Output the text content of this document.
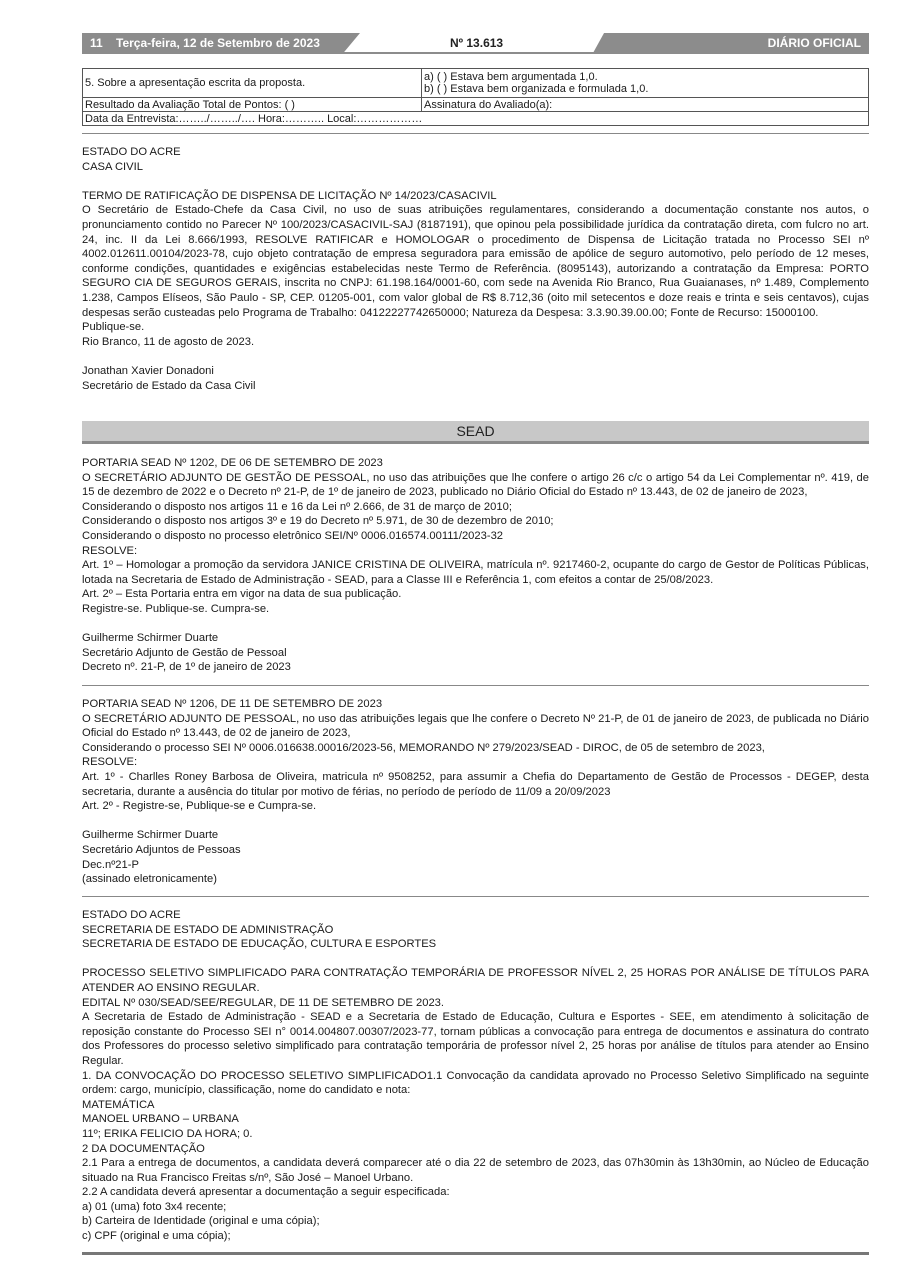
11 Terça-feira, 12 de Setembro de 2023	Nº 13.613	DIÁRIO OFICIAL
5. Sobre a apresentação escrita da proposta.	a) ( ) Estava bem argumentada 1,0.
b) ( ) Estava bem organizada e formulada 1,0.

Resultado da Avaliação Total de Pontos: ( )	Assinatura do Avaliado(a):
Data da Entrevista:……../……../…. Hora:……….. Local:………………	

ESTADO DO ACRE

CASA CIVIL

TERMO DE RATIFICAÇÃO DE DISPENSA DE LICITAÇÃO Nº 14/2023/CASACIVIL

O Secretário de Estado-Chefe da Casa Civil, no uso de suas atribuições regulamentares, considerando a documentação constante nos autos, o pronunciamento contido no Parecer Nº 100/2023/CASACIVIL-SAJ (8187191), que opinou pela possibilidade jurídica da contratação direta, com fulcro no art. 24, inc. II da Lei 8.666/1993, RESOLVE RATIFICAR e HOMOLOGAR o procedimento de Dispensa de Licitação tratada no Processo SEI nº 4002.012611.00104/2023-78, cujo objeto contratação de empresa seguradora para emissão de apólice de seguro automotivo, pelo período de 12 meses, conforme condições, quantidades e exigências estabelecidas neste Termo de Referência. (8095143), autorizando a contratação da Empresa: PORTO SEGURO CIA DE SEGUROS GERAIS, inscrita no CNPJ: 61.198.164/0001-60, com sede na Avenida Rio Branco, Rua Guaianases, nº 1.489, Complemento 1.238, Campos Elíseos, São Paulo - SP, CEP. 01205-001, com valor global de R$ 8.712,36 (oito mil setecentos e doze reais e trinta e seis centavos), cujas despesas serão custeadas pelo Programa de Trabalho: 04122227742650000; Natureza da Despesa: 3.3.90.39.00.00; Fonte de Recurso: 15000100.

Publique-se.

Rio Branco, 11 de agosto de 2023.

Jonathan Xavier Donadoni

Secretário de Estado da Casa Civil

SEAD

PORTARIA SEAD Nº 1202, DE 06 DE SETEMBRO DE 2023

O SECRETÁRIO ADJUNTO DE GESTÃO DE PESSOAL, no uso das atribuições que lhe confere o artigo 26 c/c o artigo 54 da Lei Complementar nº. 419, de 15 de dezembro de 2022 e o Decreto nº 21-P, de 1º de janeiro de 2023, publicado no Diário Oficial do Estado nº 13.443, de 02 de janeiro de 2023,

Considerando o disposto nos artigos 11 e 16 da Lei nº 2.666, de 31 de março de 2010;

Considerando o disposto nos artigos 3º e 19 do Decreto nº 5.971, de 30 de dezembro de 2010;

Considerando o disposto no processo eletrônico SEI/Nº 0006.016574.00111/2023-32

RESOLVE:

Art. 1º – Homologar a promoção da servidora JANICE CRISTINA DE OLIVEIRA, matrícula nº. 9217460-2, ocupante do cargo de Gestor de Políticas Públicas, lotada na Secretaria de Estado de Administração - SEAD, para a Classe III e Referência 1, com efeitos a contar de 25/08/2023.

Art. 2º – Esta Portaria entra em vigor na data de sua publicação.

Registre-se. Publique-se. Cumpra-se.

Guilherme Schirmer Duarte

Secretário Adjunto de Gestão de Pessoal

Decreto nº. 21-P, de 1º de janeiro de 2023

PORTARIA SEAD Nº 1206, DE 11 DE SETEMBRO DE 2023

O SECRETÁRIO ADJUNTO DE PESSOAL, no uso das atribuições legais que lhe confere o Decreto Nº 21-P, de 01 de janeiro de 2023, de publicada no Diário Oficial do Estado nº 13.443, de 02 de janeiro de 2023,

Considerando o processo SEI Nº 0006.016638.00016/2023-56, MEMORANDO Nº 279/2023/SEAD - DIROC, de 05 de setembro de 2023,

RESOLVE:

Art. 1º - Charlles Roney Barbosa de Oliveira, matricula nº 9508252, para assumir a Chefia do Departamento de Gestão de Processos - DEGEP, desta secretaria, durante a ausência do titular por motivo de férias, no período de período de 11/09 a 20/09/2023

Art. 2º - Registre-se, Publique-se e Cumpra-se.

Guilherme Schirmer Duarte

Secretário Adjuntos de Pessoas

Dec.nº21-P

(assinado eletronicamente)

ESTADO DO ACRE

SECRETARIA DE ESTADO DE ADMINISTRAÇÃO

SECRETARIA DE ESTADO DE EDUCAÇÃO, CULTURA E ESPORTES

PROCESSO SELETIVO SIMPLIFICADO PARA CONTRATAÇÃO TEMPORÁRIA DE PROFESSOR NÍVEL 2, 25 HORAS POR ANÁLISE DE TÍTULOS PARA ATENDER AO ENSINO REGULAR.

EDITAL Nº 030/SEAD/SEE/REGULAR, DE 11 DE SETEMBRO DE 2023.

A Secretaria de Estado de Administração - SEAD e a Secretaria de Estado de Educação, Cultura e Esportes - SEE, em atendimento à solicitação de reposição constante do Processo SEI n° 0014.004807.00307/2023-77, tornam públicas a convocação para entrega de documentos e assinatura do contrato dos Professores do processo seletivo simplificado para contratação temporária de professor nível 2, 25 horas por análise de títulos para atender ao Ensino Regular.

1. DA CONVOCAÇÃO DO PROCESSO SELETIVO SIMPLIFICADO1.1 Convocação da candidata aprovado no Processo Seletivo Simplificado na seguinte ordem: cargo, município, classificação, nome do candidato e nota:

MATEMÁTICA

MANOEL URBANO – URBANA

11º; ERIKA FELICIO DA HORA; 0.

2 DA DOCUMENTAÇÃO

2.1 Para a entrega de documentos, a candidata deverá comparecer até o dia 22 de setembro de 2023, das 07h30min às 13h30min, ao Núcleo de Educação situado na Rua Francisco Freitas s/nº, São José – Manoel Urbano.

2.2 A candidata deverá apresentar a documentação a seguir especificada:

a) 01 (uma) foto 3x4 recente;

b) Carteira de Identidade (original e uma cópia);

c) CPF (original e uma cópia);
